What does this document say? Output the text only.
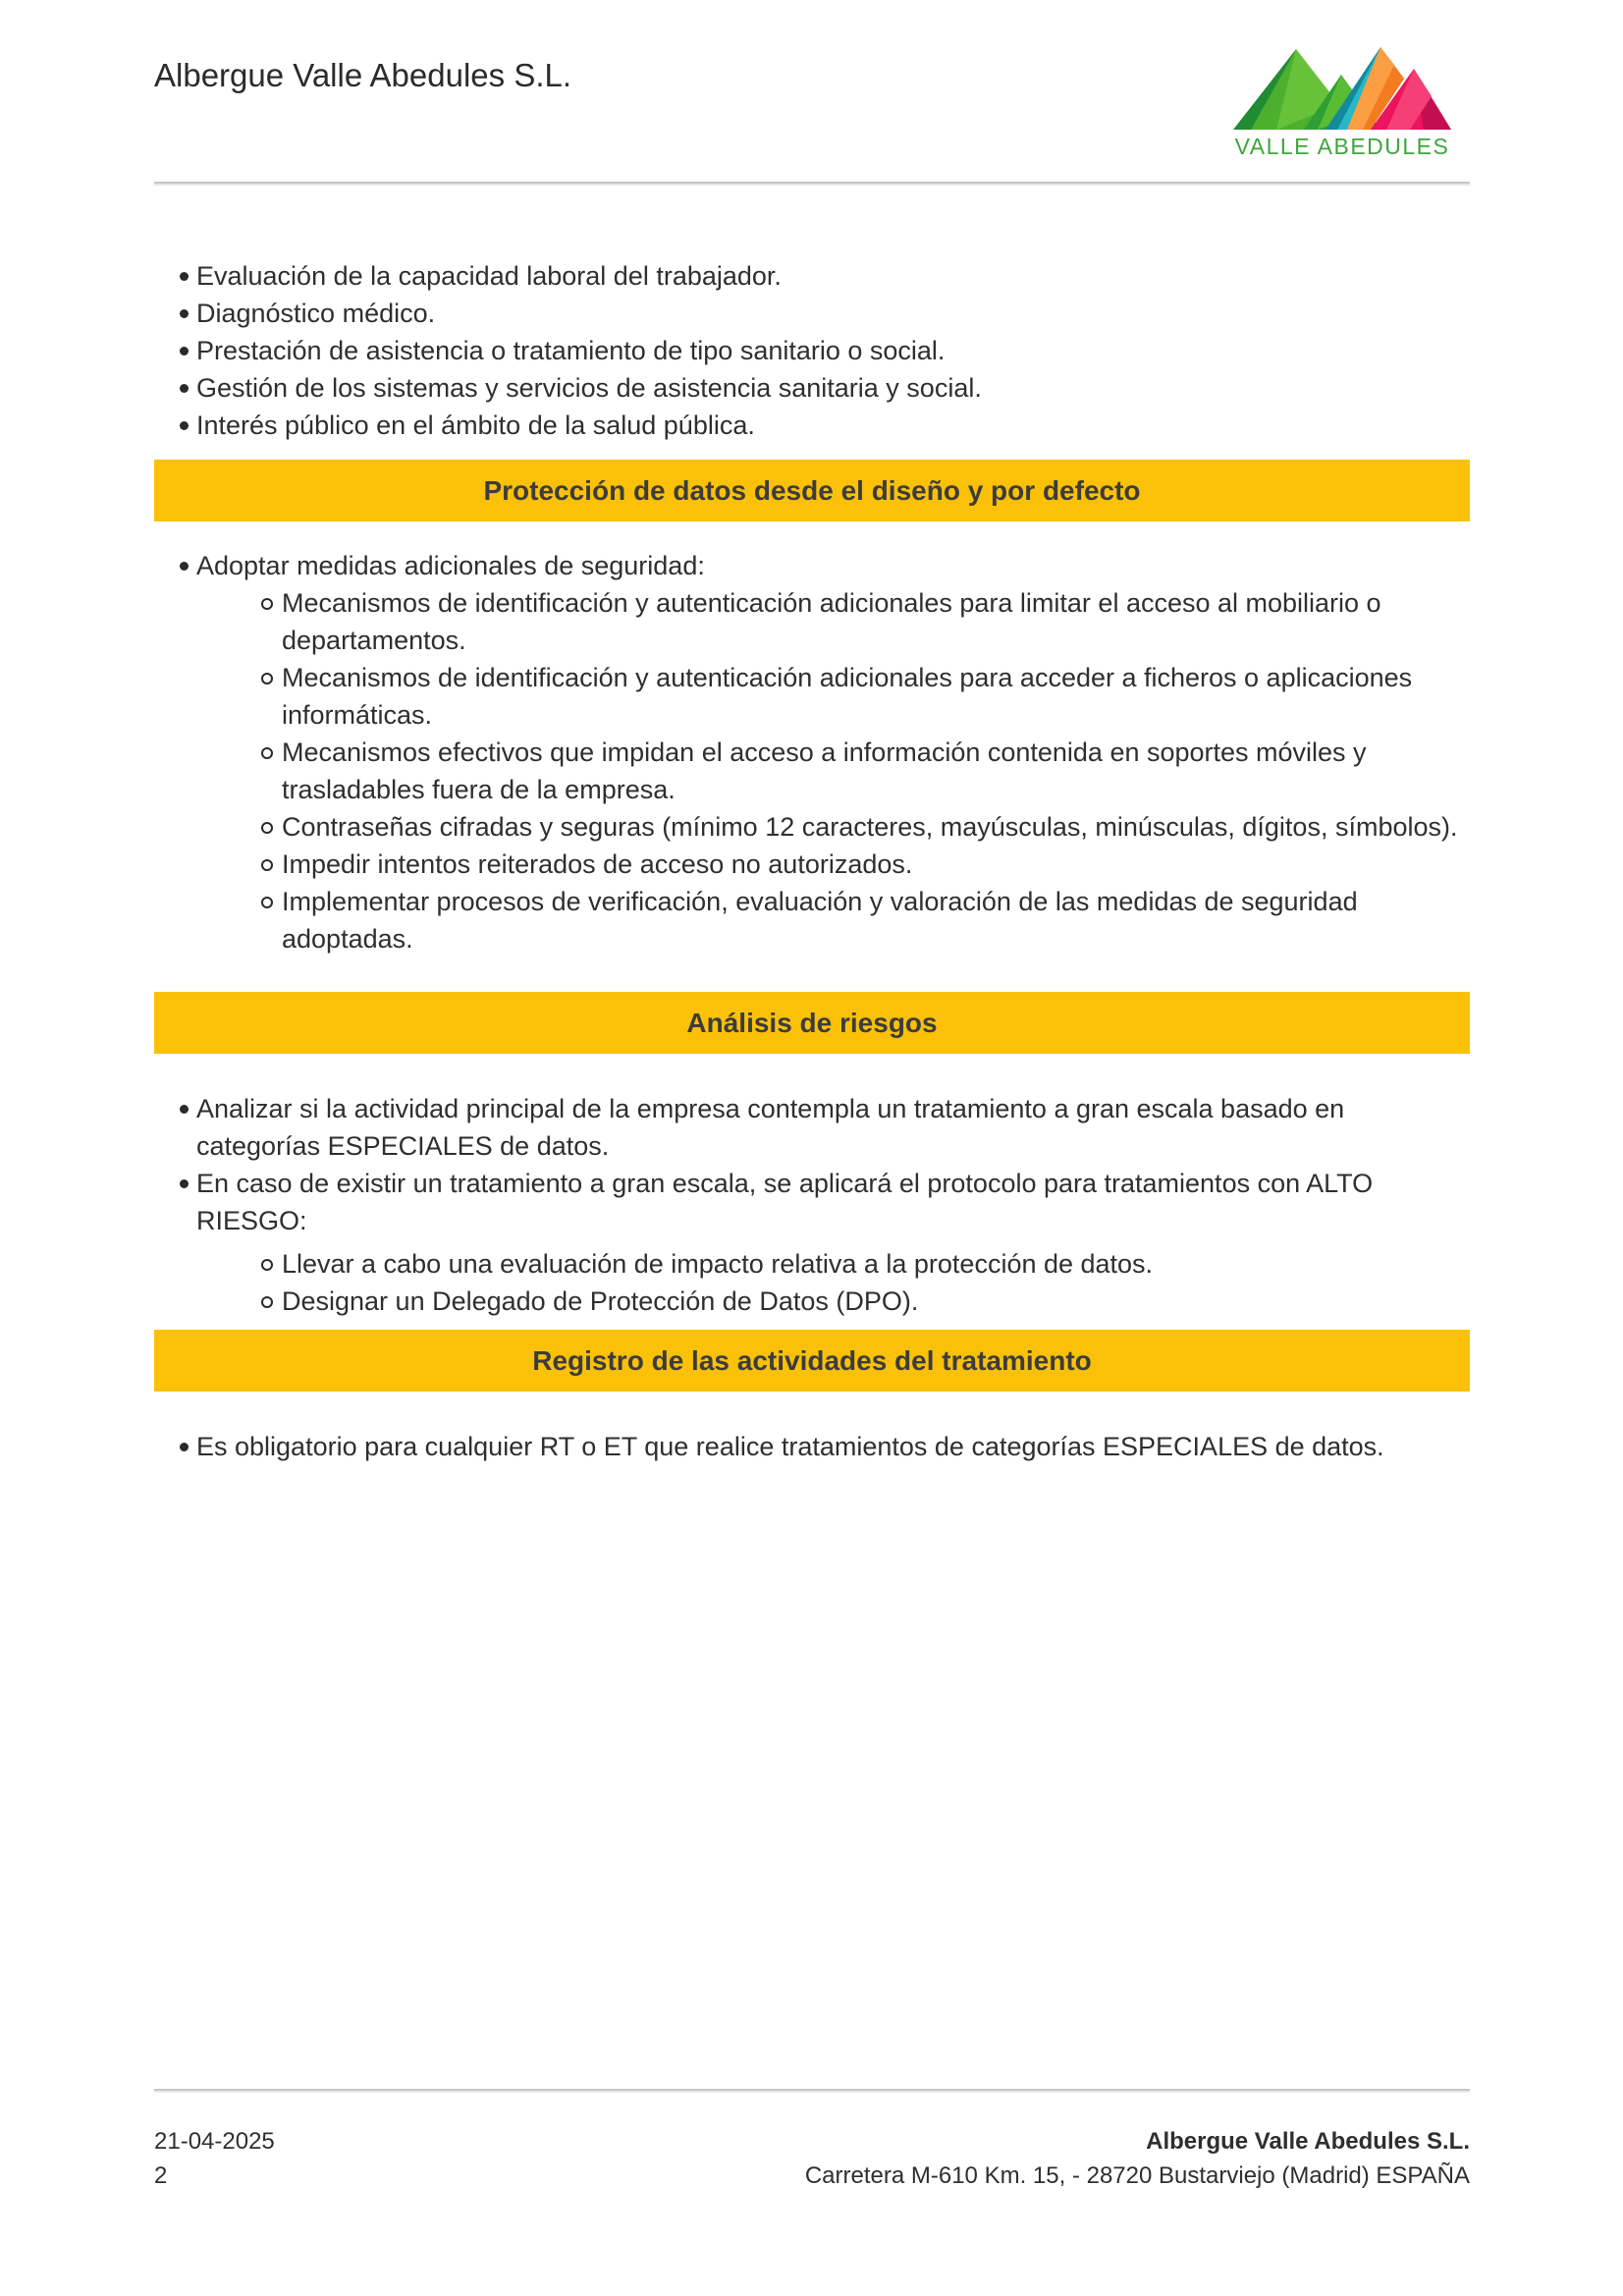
Albergue Valle Abedules S.L.
VALLE ABEDULES
Evaluación de la capacidad laboral del trabajador.
Diagnóstico médico.
Prestación de asistencia o tratamiento de tipo sanitario o social.
Gestión de los sistemas y servicios de asistencia sanitaria y social.
Interés público en el ámbito de la salud pública.
Protección de datos desde el diseño y por defecto
Adoptar medidas adicionales de seguridad:
Mecanismos de identificación y autenticación adicionales para limitar el acceso al mobiliario o departamentos.
Mecanismos de identificación y autenticación adicionales para acceder a ficheros o aplicaciones informáticas.
Mecanismos efectivos que impidan el acceso a información contenida en soportes móviles y trasladables fuera de la empresa.
Contraseñas cifradas y seguras (mínimo 12 caracteres, mayúsculas, minúsculas, dígitos, símbolos).
Impedir intentos reiterados de acceso no autorizados.
Implementar procesos de verificación, evaluación y valoración de las medidas de seguridad adoptadas.
Análisis de riesgos
Analizar si la actividad principal de la empresa contempla un tratamiento a gran escala basado en categorías ESPECIALES de datos.
En caso de existir un tratamiento a gran escala, se aplicará el protocolo para tratamientos con ALTO RIESGO:
Llevar a cabo una evaluación de impacto relativa a la protección de datos.
Designar un Delegado de Protección de Datos (DPO).
Registro de las actividades del tratamiento
Es obligatorio para cualquier RT o ET que realice tratamientos de categorías ESPECIALES de datos.
21-04-2025
2
Albergue Valle Abedules S.L.
Carretera M-610 Km. 15, - 28720 Bustarviejo (Madrid) ESPAÑA
